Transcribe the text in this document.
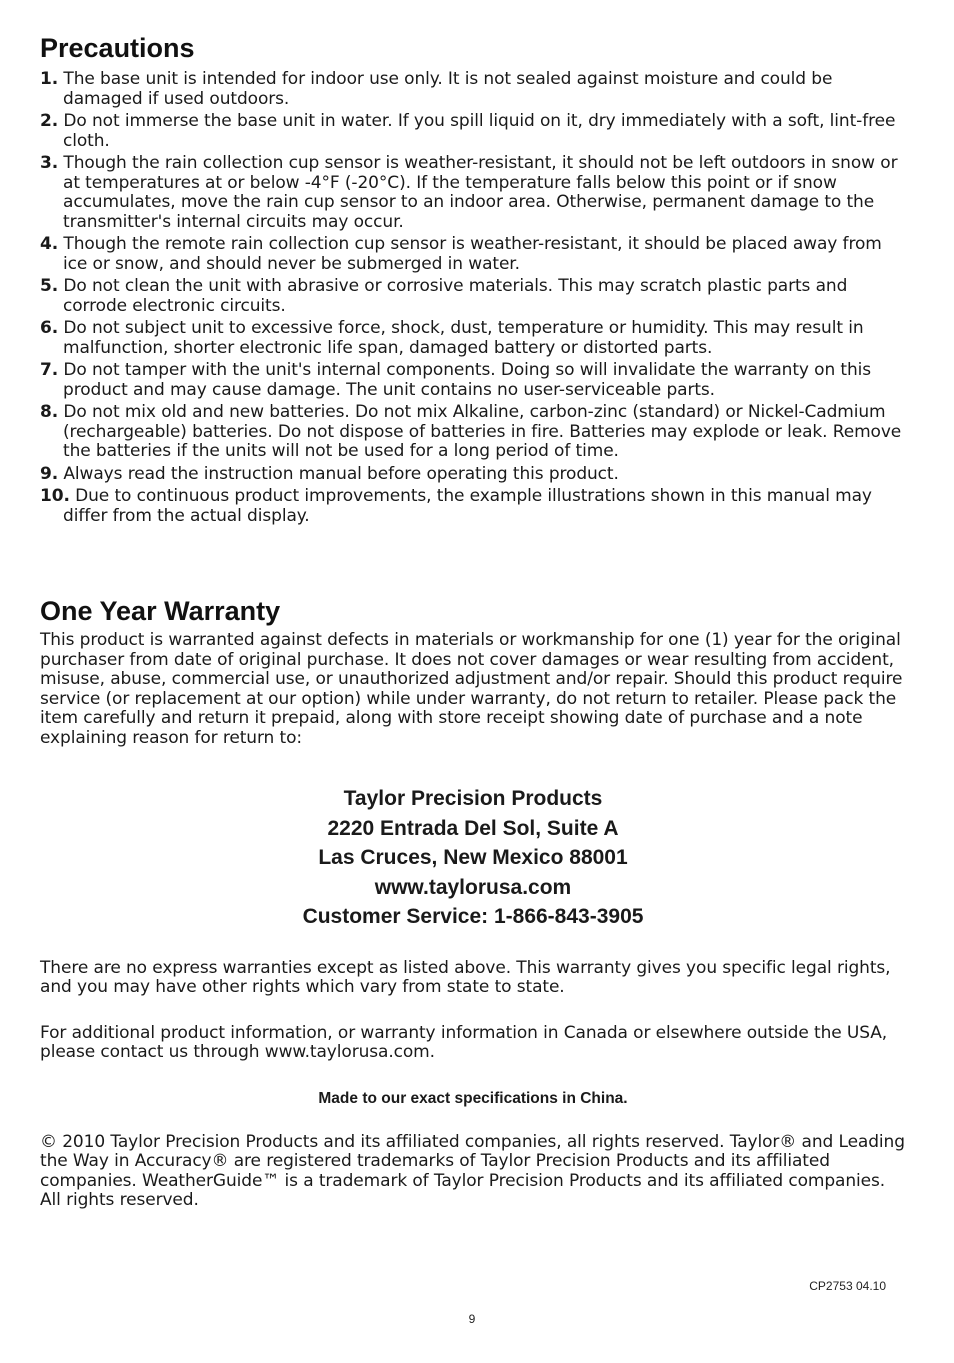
Precautions
1. The base unit is intended for indoor use only. It is not sealed against moisture and could be damaged if used outdoors.
2. Do not immerse the base unit in water. If you spill liquid on it, dry immediately with a soft, lint-free cloth.
3. Though the rain collection cup sensor is weather-resistant, it should not be left outdoors in snow or at temperatures at or below -4°F (-20°C). If the temperature falls below this point or if snow accumulates, move the rain cup sensor to an indoor area. Otherwise, permanent damage to the transmitter's internal circuits may occur.
4. Though the remote rain collection cup sensor is weather-resistant, it should be placed away from ice or snow, and should never be submerged in water.
5. Do not clean the unit with abrasive or corrosive materials. This may scratch plastic parts and corrode electronic circuits.
6. Do not subject unit to excessive force, shock, dust, temperature or humidity. This may result in malfunction, shorter electronic life span, damaged battery or distorted parts.
7. Do not tamper with the unit's internal components. Doing so will invalidate the warranty on this product and may cause damage. The unit contains no user-serviceable parts.
8. Do not mix old and new batteries. Do not mix Alkaline, carbon-zinc (standard) or Nickel-Cadmium (rechargeable) batteries. Do not dispose of batteries in fire. Batteries may explode or leak. Remove the batteries if the units will not be used for a long period of time.
9. Always read the instruction manual before operating this product.
10. Due to continuous product improvements, the example illustrations shown in this manual may differ from the actual display.
One Year Warranty

This product is warranted against defects in materials or workmanship for one (1) year for the original purchaser from date of original purchase. It does not cover damages or wear resulting from accident, misuse, abuse, commercial use, or unauthorized adjustment and/or repair. Should this product require service (or replacement at our option) while under warranty, do not return to retailer. Please pack the item carefully and return it prepaid, along with store receipt showing date of purchase and a note explaining reason for return to:

Taylor Precision Products
2220 Entrada Del Sol, Suite A
Las Cruces, New Mexico 88001
www.taylorusa.com
Customer Service: 1-866-843-3905

There are no express warranties except as listed above. This warranty gives you specific legal rights, and you may have other rights which vary from state to state.

For additional product information, or warranty information in Canada or elsewhere outside the USA, please contact us through www.taylorusa.com.

Made to our exact specifications in China.

© 2010 Taylor Precision Products and its affiliated companies, all rights reserved. Taylor® and Leading the Way in Accuracy® are registered trademarks of Taylor Precision Products and its affiliated companies. WeatherGuide™ is a trademark of Taylor Precision Products and its affiliated companies. All rights reserved.

CP2753 04.10
9
